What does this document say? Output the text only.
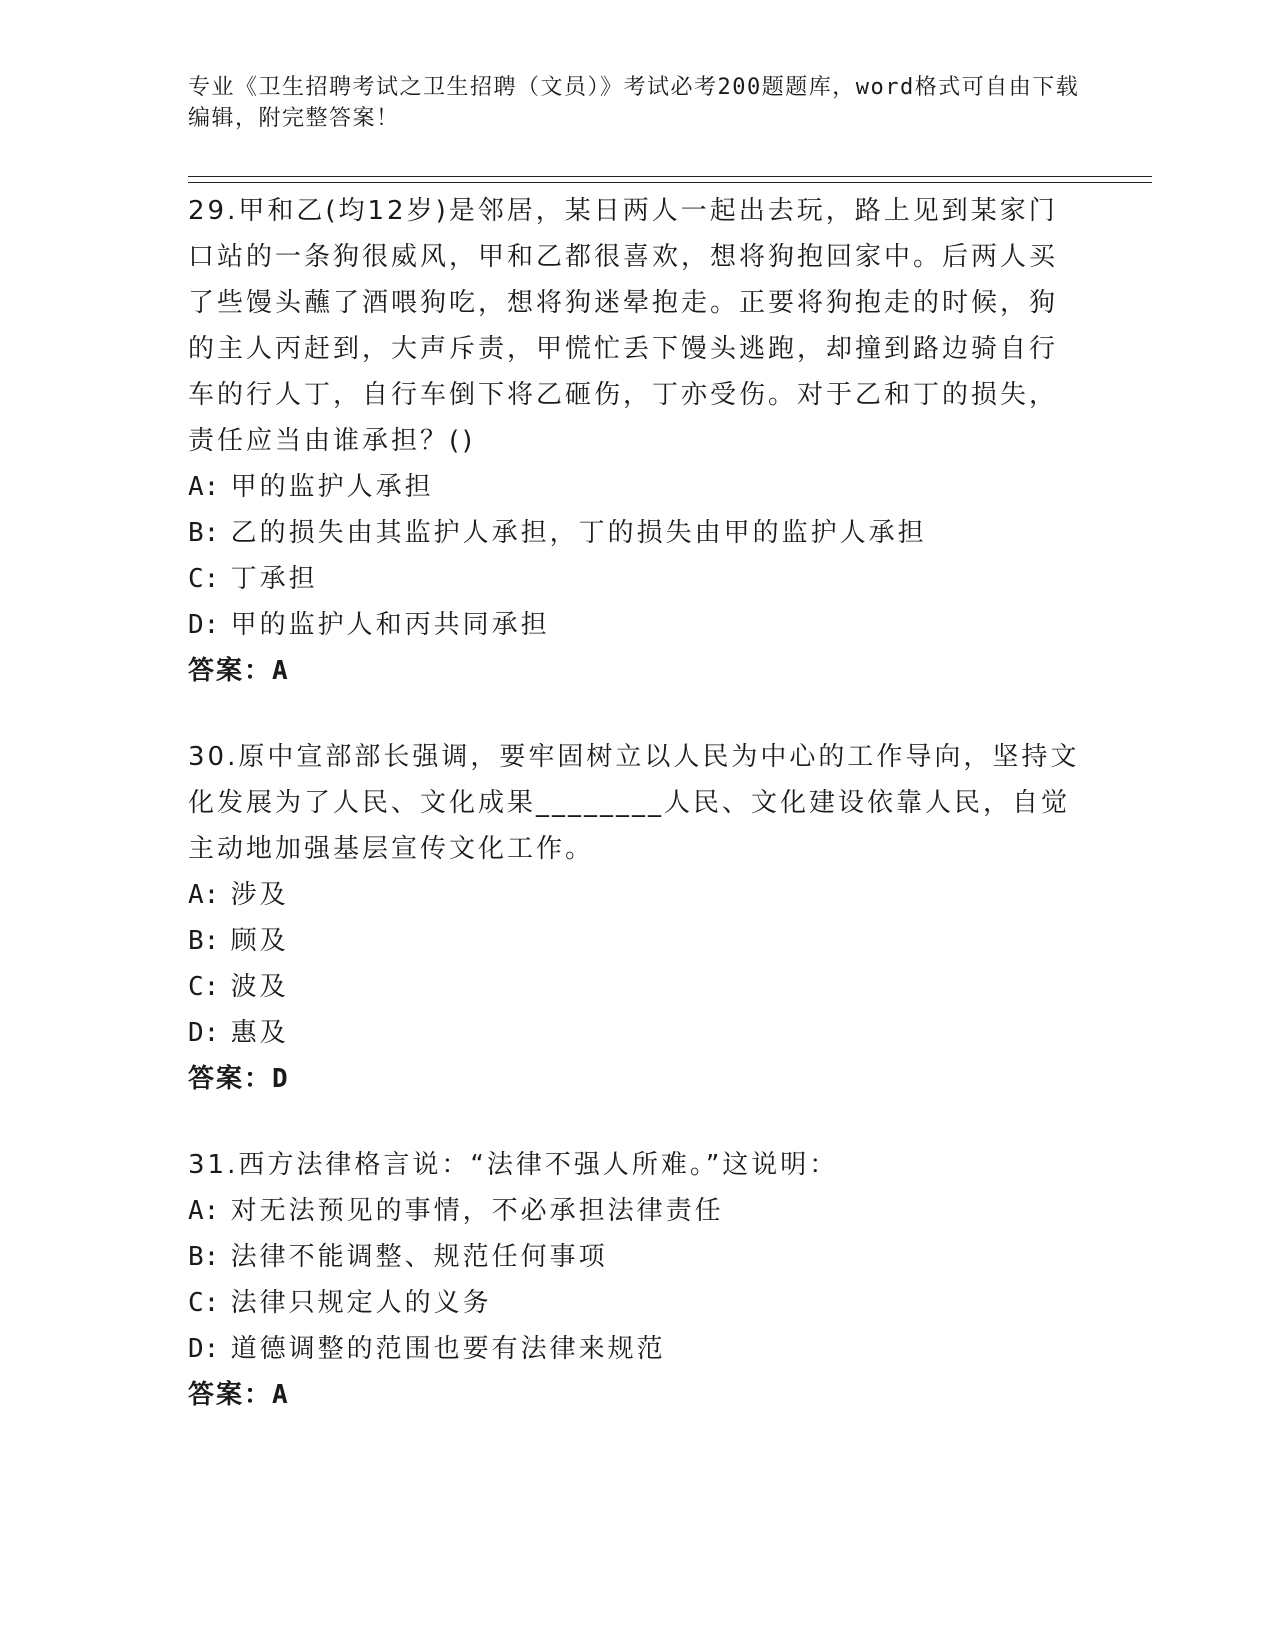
专业《卫生招聘考试之卫生招聘（文员）》考试必考200题题库，word格式可自由下载编辑，附完整答案！

29.甲和乙(均12岁)是邻居，某日两人一起出去玩，路上见到某家门口站的一条狗很威风，甲和乙都很喜欢，想将狗抱回家中。后两人买了些馒头蘸了酒喂狗吃，想将狗迷晕抱走。正要将狗抱走的时候，狗的主人丙赶到，大声斥责，甲慌忙丢下馒头逃跑，却撞到路边骑自行车的行人丁，自行车倒下将乙砸伤，丁亦受伤。对于乙和丁的损失，责任应当由谁承担？()

A: 甲的监护人承担

B: 乙的损失由其监护人承担，丁的损失由甲的监护人承担

C: 丁承担

D: 甲的监护人和丙共同承担

答案：A

30.原中宣部部长强调，要牢固树立以人民为中心的工作导向，坚持文化发展为了人民、文化成果________人民、文化建设依靠人民，自觉主动地加强基层宣传文化工作。

A: 涉及

B: 顾及

C: 波及

D: 惠及

答案：D

31.西方法律格言说：“法律不强人所难。”这说明：

A: 对无法预见的事情，不必承担法律责任

B: 法律不能调整、规范任何事项

C: 法律只规定人的义务

D: 道德调整的范围也要有法律来规范

答案：A
